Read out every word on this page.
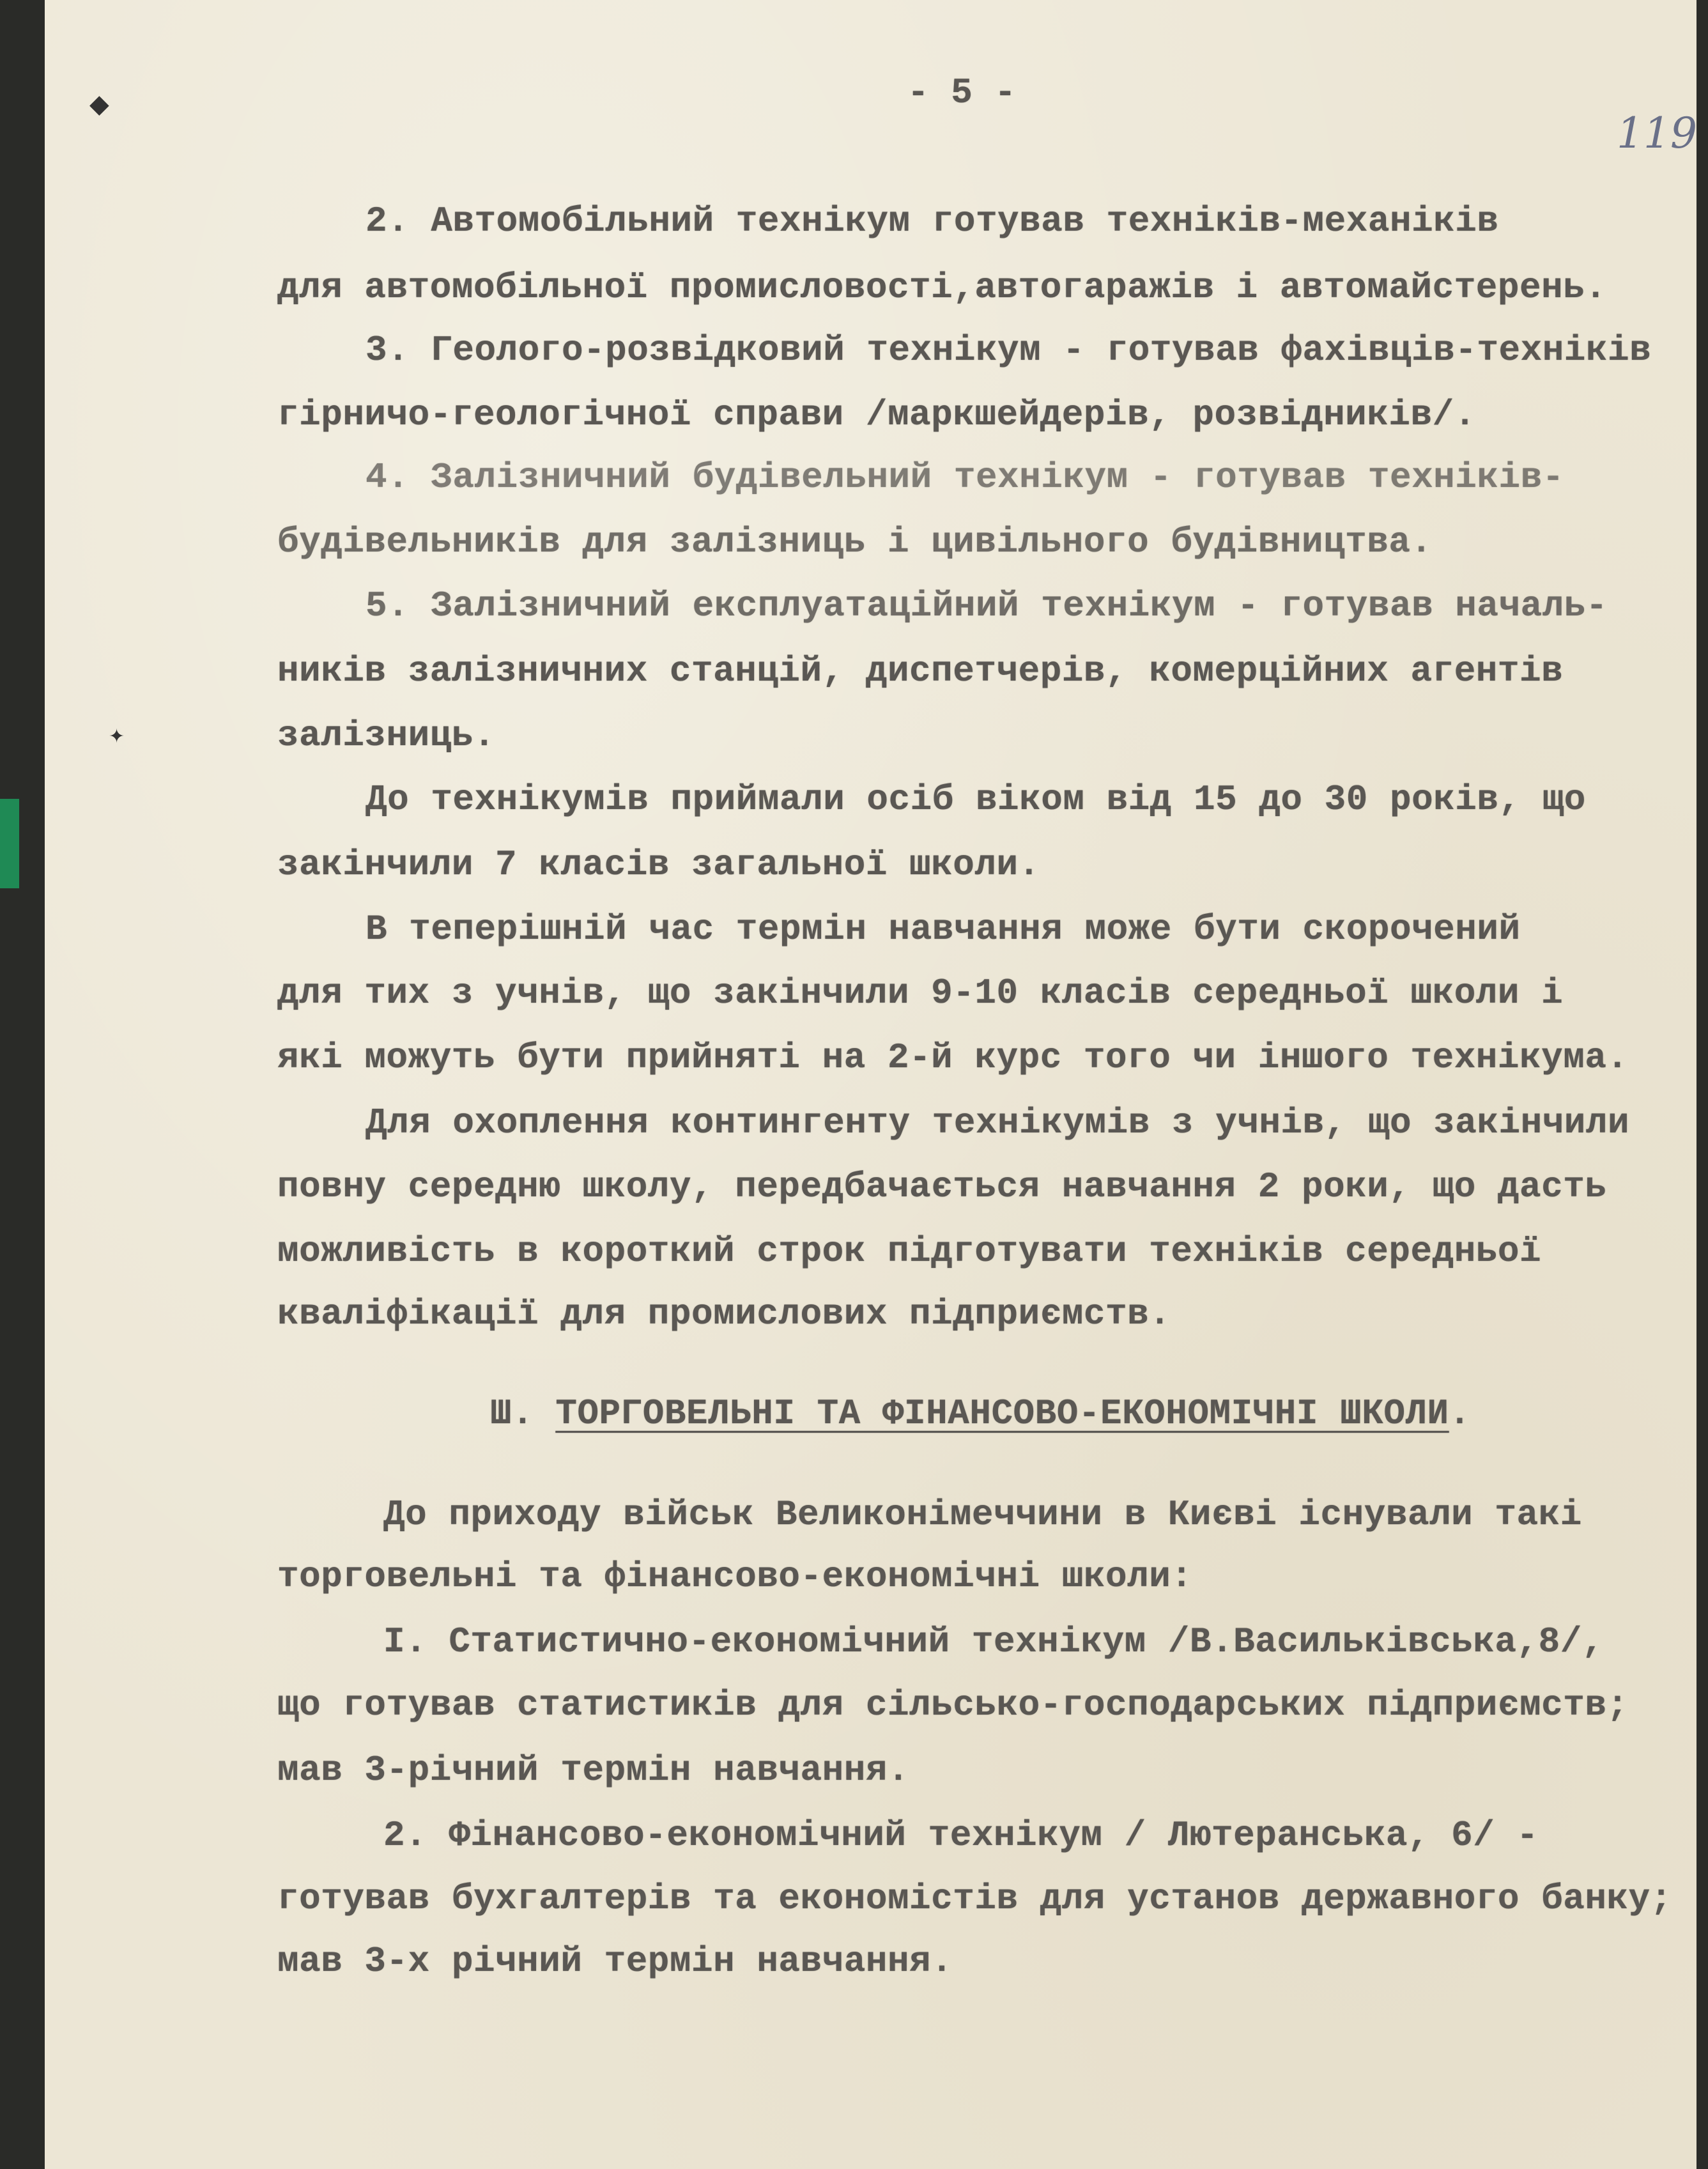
- 5 -
119
◆
✦
2. Автомобільний технікум готував техніків-механіків
для автомобільної промисловості,автогаражів і автомайстерень.
3. Геолого-розвідковий технікум - готував фахівців-техніків
гірничо-геологічної справи /маркшейдерів, розвідників/.
4. Залізничний будівельний технікум - готував техніків-
будівельників для залізниць і цивільного будівництва.
5. Залізничний експлуатаційний технікум - готував началь-
ників залізничних станцій, диспетчерів, комерційних агентів
залізниць.
До технікумів приймали осіб віком від 15 до 30 років, що
закінчили 7 класів загальної школи.
В теперішній час термін навчання може бути скорочений
для тих з учнів, що закінчили 9-10 класів середньої школи і
які можуть бути прийняті на 2-й курс того чи іншого технікума.
Для охоплення контингенту технікумів з учнів, що закінчили
повну середню школу, передбачається навчання 2 роки, що дасть
можливість в короткий строк підготувати техніків середньої
кваліфікації для промислових підприємств.
Ш. ТОРГОВЕЛЬНІ ТА ФІНАНСОВО-ЕКОНОМІЧНІ ШКОЛИ.
До приходу військ Великонімеччини в Києві існували такі
торговельні та фінансово-економічні школи:
I. Статистично-економічний технікум /В.Васильківська,8/,
що готував статистиків для сільсько-господарських підприємств;
мав 3-річний термін навчання.
2. Фінансово-економічний технікум / Лютеранська, 6/ -
готував бухгалтерів та економістів для установ державного банку;
мав 3-х річний термін навчання.
